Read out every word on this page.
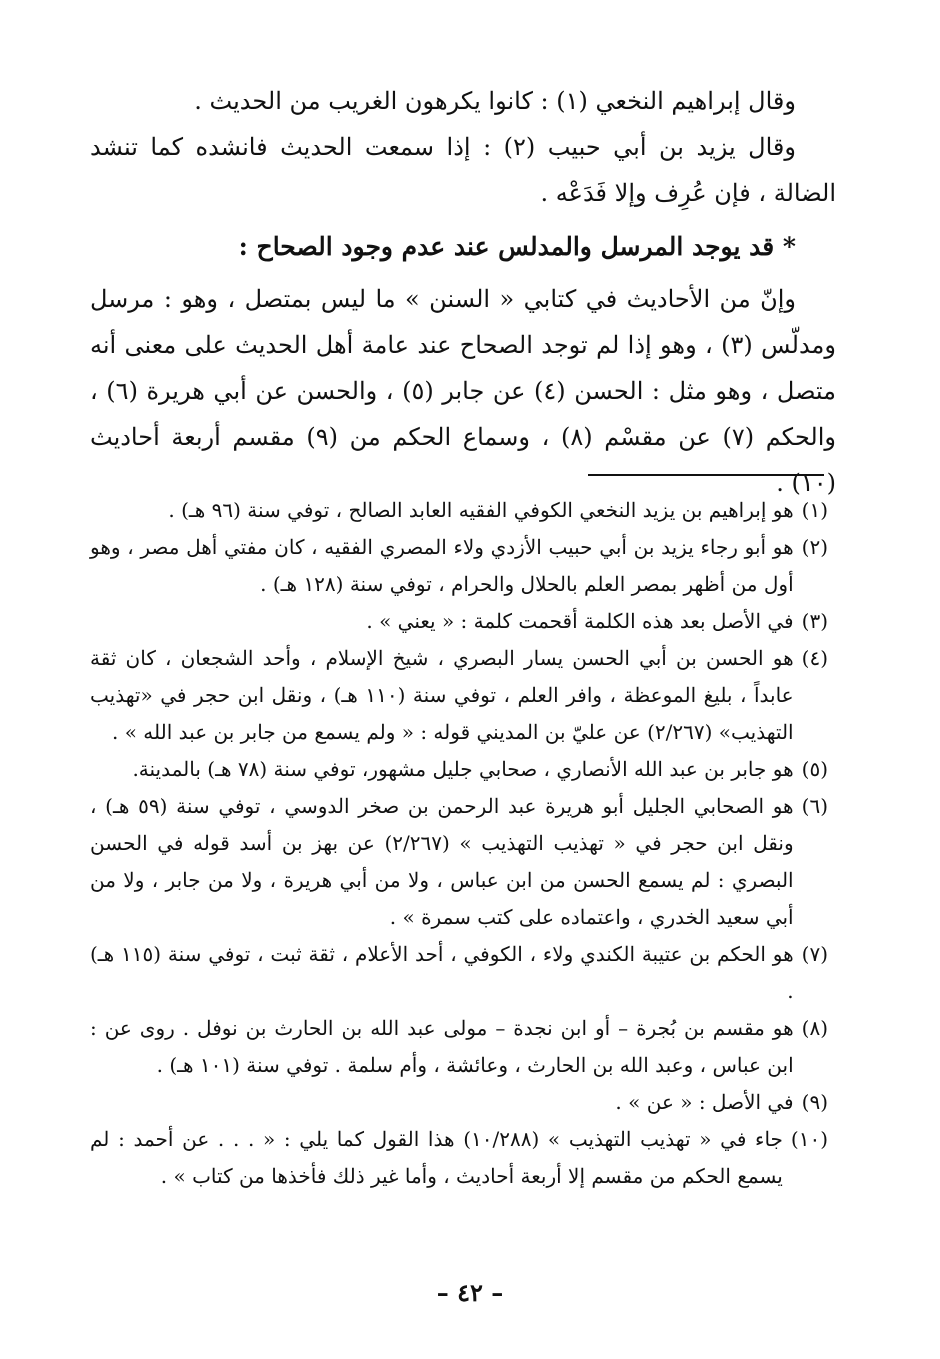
وقال إبراهيم النخعي (١) : كانوا يكرهون الغريب من الحديث .

وقال يزيد بن أبي حبيب (٢) : إذا سمعت الحديث فانشده كما تنشد الضالة ، فإن عُرِف وإلا فَدَعْه .

* قد يوجد المرسل والمدلس عند عدم وجود الصحاح :

وإنّ من الأحاديث في كتابي « السنن » ما ليس بمتصل ، وهو : مرسل ومدلّس (٣) ، وهو إذا لم توجد الصحاح عند عامة أهل الحديث على معنى أنه متصل ، وهو مثل : الحسن (٤) عن جابر (٥) ، والحسن عن أبي هريرة (٦) ، والحكم (٧) عن مقسْم (٨) ، وسماع الحكم من (٩) مقسم أربعة أحاديث (١٠) .

(١)
هو إبراهيم بن يزيد النخعي الكوفي الفقيه العابد الصالح ، توفي سنة (٩٦ هـ) .
(٢)
هو أبو رجاء يزيد بن أبي حبيب الأزدي ولاء المصري الفقيه ، كان مفتي أهل مصر ، وهو أول من أظهر بمصر العلم بالحلال والحرام ، توفي سنة (١٢٨ هـ) .
(٣)
في الأصل بعد هذه الكلمة أقحمت كلمة : « يعني » .
(٤)
هو الحسن بن أبي الحسن يسار البصري ، شيخ الإسلام ، وأحد الشجعان ، كان ثقة عابداً ، بليغ الموعظة ، وافر العلم ، توفي سنة (١١٠ هـ) ، ونقل ابن حجر في «تهذيب التهذيب» (٢/٢٦٧) عن عليّ بن المديني قوله : « ولم يسمع من جابر بن عبد الله » .
(٥)
هو جابر بن عبد الله الأنصاري ، صحابي جليل مشهور، توفي سنة (٧٨ هـ) بالمدينة.
(٦)
هو الصحابي الجليل أبو هريرة عبد الرحمن بن صخر الدوسي ، توفي سنة (٥٩ هـ) ، ونقل ابن حجر في « تهذيب التهذيب » (٢/٢٦٧) عن بهز بن أسد قوله في الحسن البصري : لم يسمع الحسن من ابن عباس ، ولا من أبي هريرة ، ولا من جابر ، ولا من أبي سعيد الخدري ، واعتماده على كتب سمرة » .
(٧)
هو الحكم بن عتيبة الكندي ولاء ، الكوفي ، أحد الأعلام ، ثقة ثبت ، توفي سنة (١١٥ هـ) .
(٨)
هو مقسم بن بُجرة – أو ابن نجدة – مولى عبد الله بن الحارث بن نوفل . روى عن : ابن عباس ، وعبد الله بن الحارث ، وعائشة ، وأم سلمة . توفي سنة (١٠١ هـ) .
(٩)
في الأصل : « عن » .
(١٠)
جاء في « تهذيب التهذيب » (١٠/٢٨٨) هذا القول كما يلي : « . . . عن أحمد : لم يسمع الحكم من مقسم إلا أربعة أحاديث ، وأما غير ذلك فأخذها من كتاب » .
– ٤٢ –
